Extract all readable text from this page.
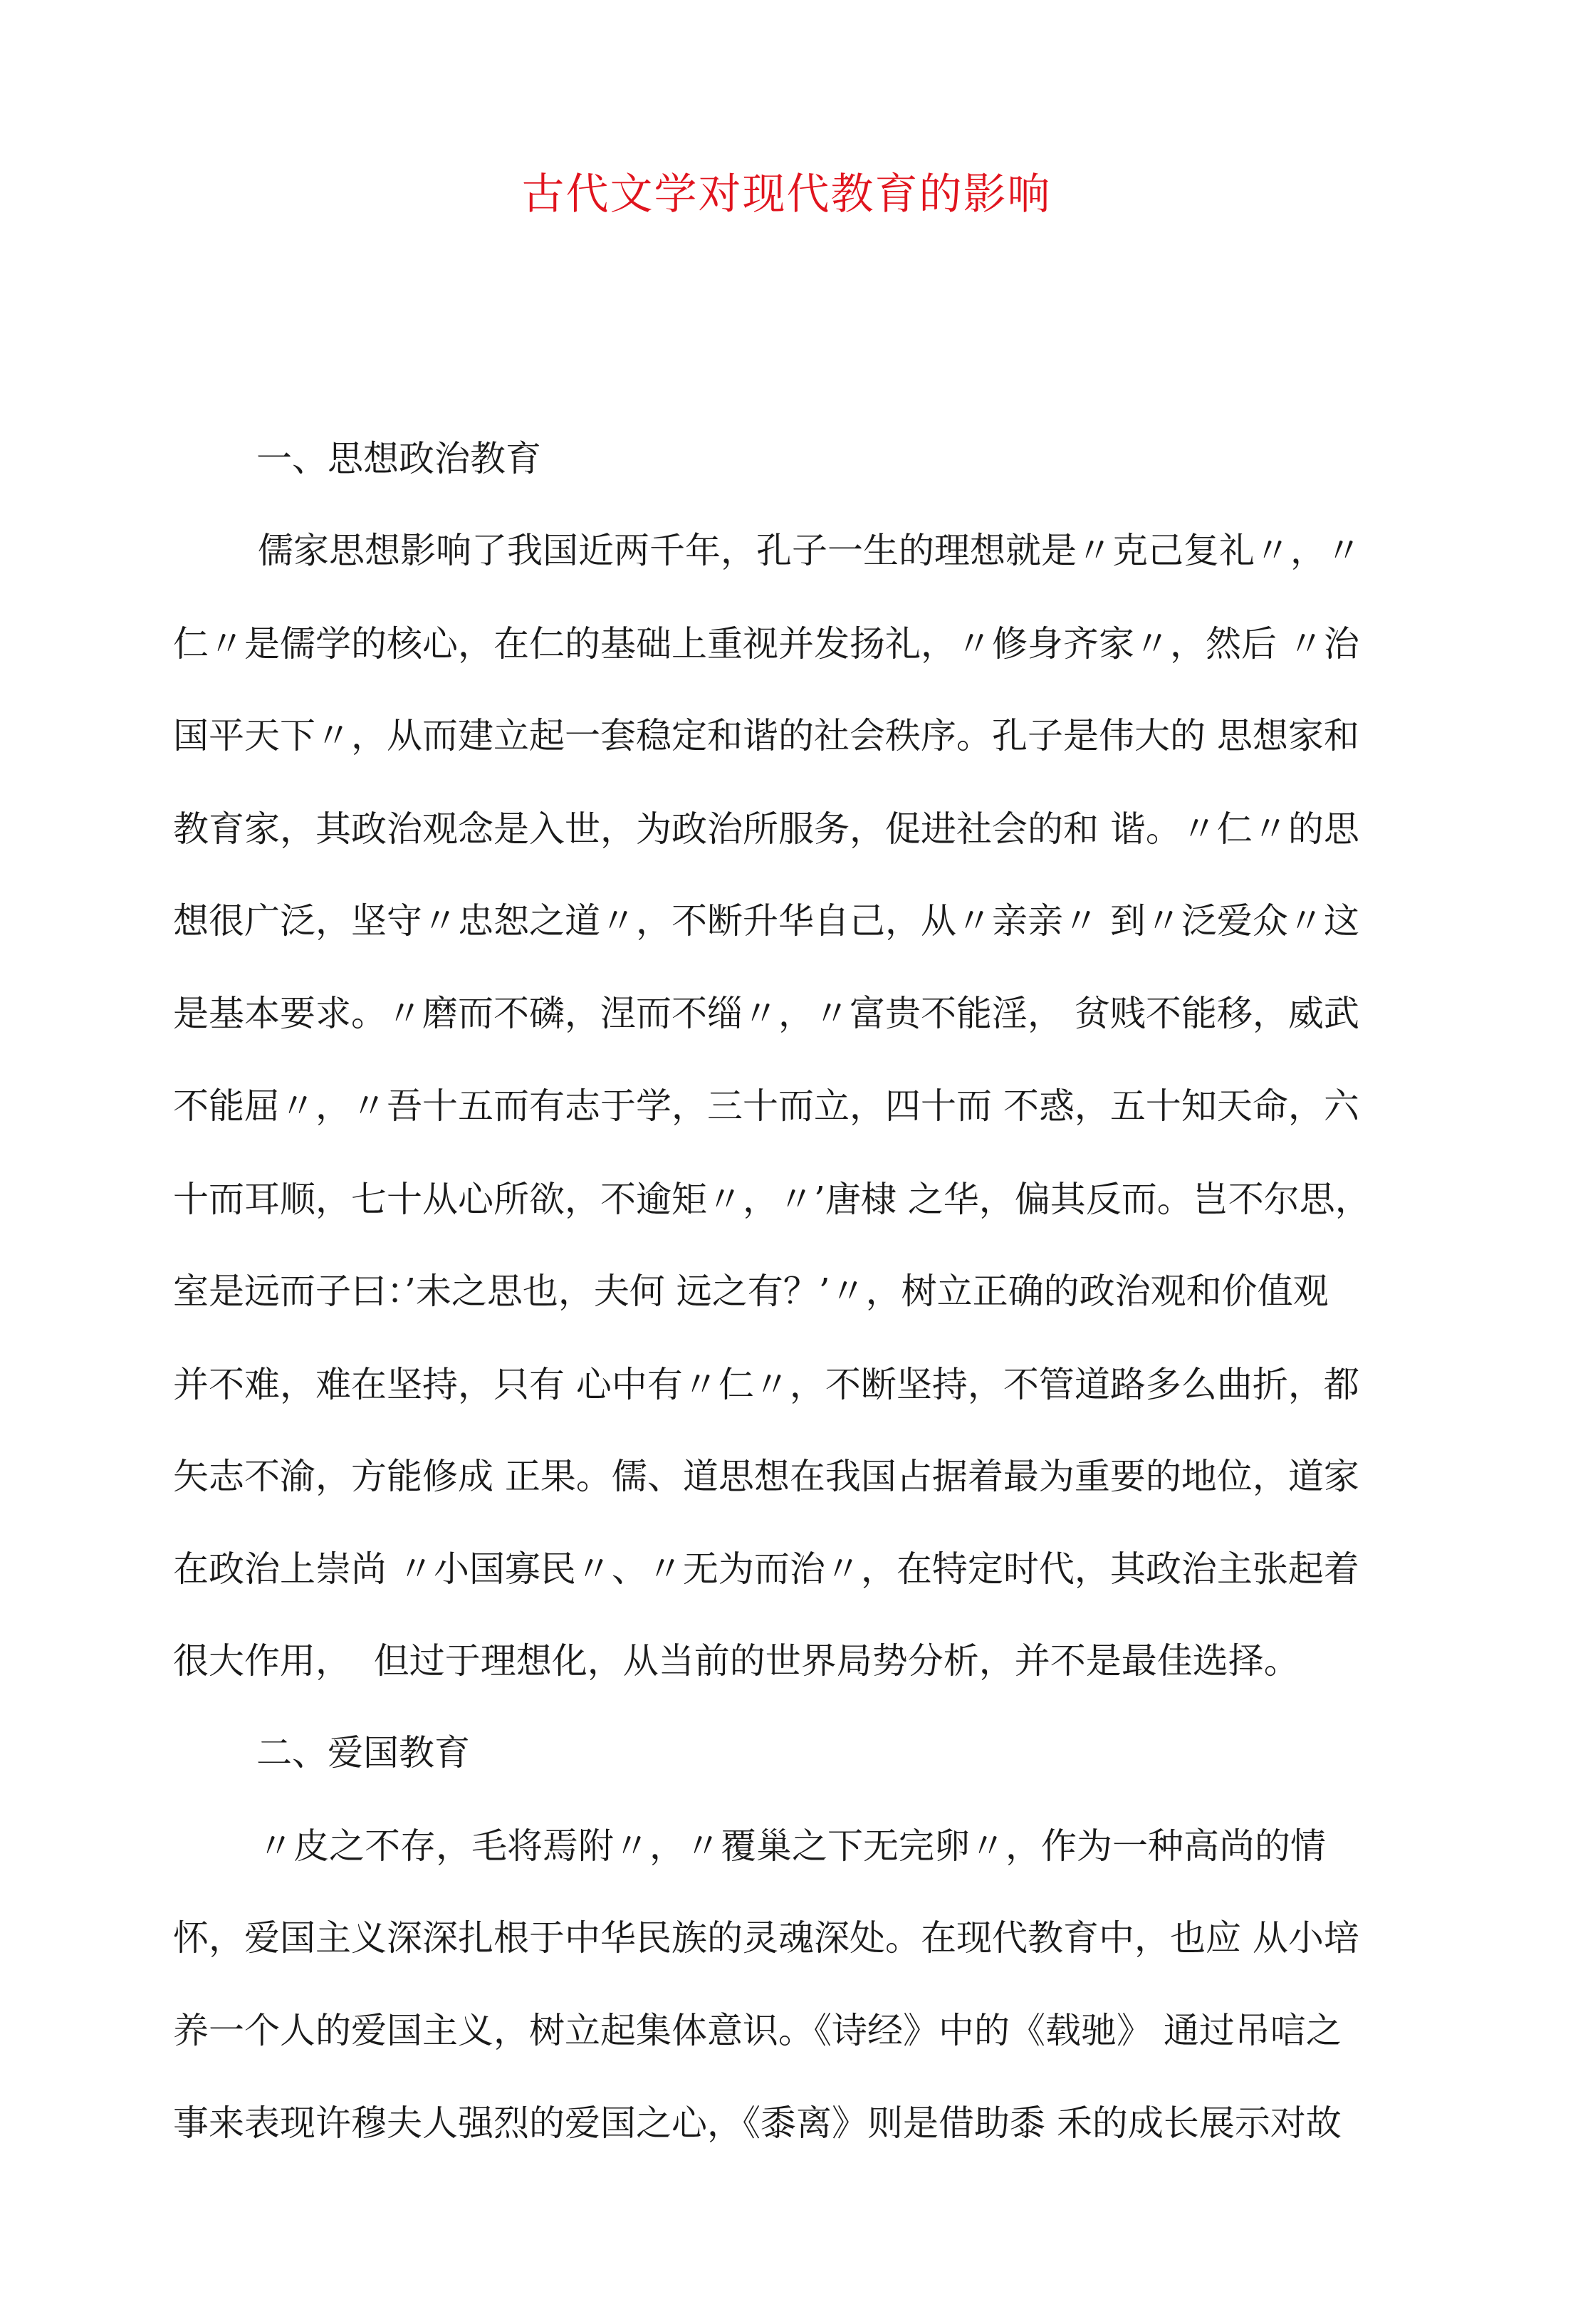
古代文学对现代教育的影响
一、思想政治教育
儒家思想影响了我国近两千年，孔子一生的理想就是〃克己复礼〃，〃
仁〃是儒学的核心，在仁的基础上重视并发扬礼，〃修身齐家〃，然后 〃治
国平天下〃，从而建立起一套稳定和谐的社会秩序。孔子是伟大的 思想家和
教育家，其政治观念是入世，为政治所服务，促进社会的和 谐。〃仁〃的思
想很广泛，坚守〃忠恕之道〃，不断升华自己，从〃亲亲〃 到〃泛爱众〃这
是基本要求。〃磨而不磷，涅而不缁〃，〃富贵不能淫， 贫贱不能移，威武
不能屈〃，〃吾十五而有志于学，三十而立，四十而 不惑，五十知天命，六
十而耳顺，七十从心所欲，不逾矩〃，〃’唐棣 之华，偏其反而。岂不尔思，
室是远而子曰：’未之思也，夫何 远之有？’〃，树立正确的政治观和价值观
并不难，难在坚持，只有 心中有〃仁〃，不断坚持，不管道路多么曲折，都
矢志不渝，方能修成 正果。儒、道思想在我国占据着最为重要的地位，道家
在政治上崇尚 〃小国寡民〃、〃无为而治〃，在特定时代，其政治主张起着
很大作用，  但过于理想化，从当前的世界局势分析，并不是最佳选择。
二、爱国教育
〃皮之不存，毛将焉附〃，〃覆巢之下无完卵〃，作为一种高尚的情
怀，爱国主义深深扎根于中华民族的灵魂深处。在现代教育中，也应 从小培
养一个人的爱国主义，树立起集体意识。《诗经》中的《载驰》 通过吊唁之
事来表现许穆夫人强烈的爱国之心，《黍离》则是借助黍 禾的成长展示对故
